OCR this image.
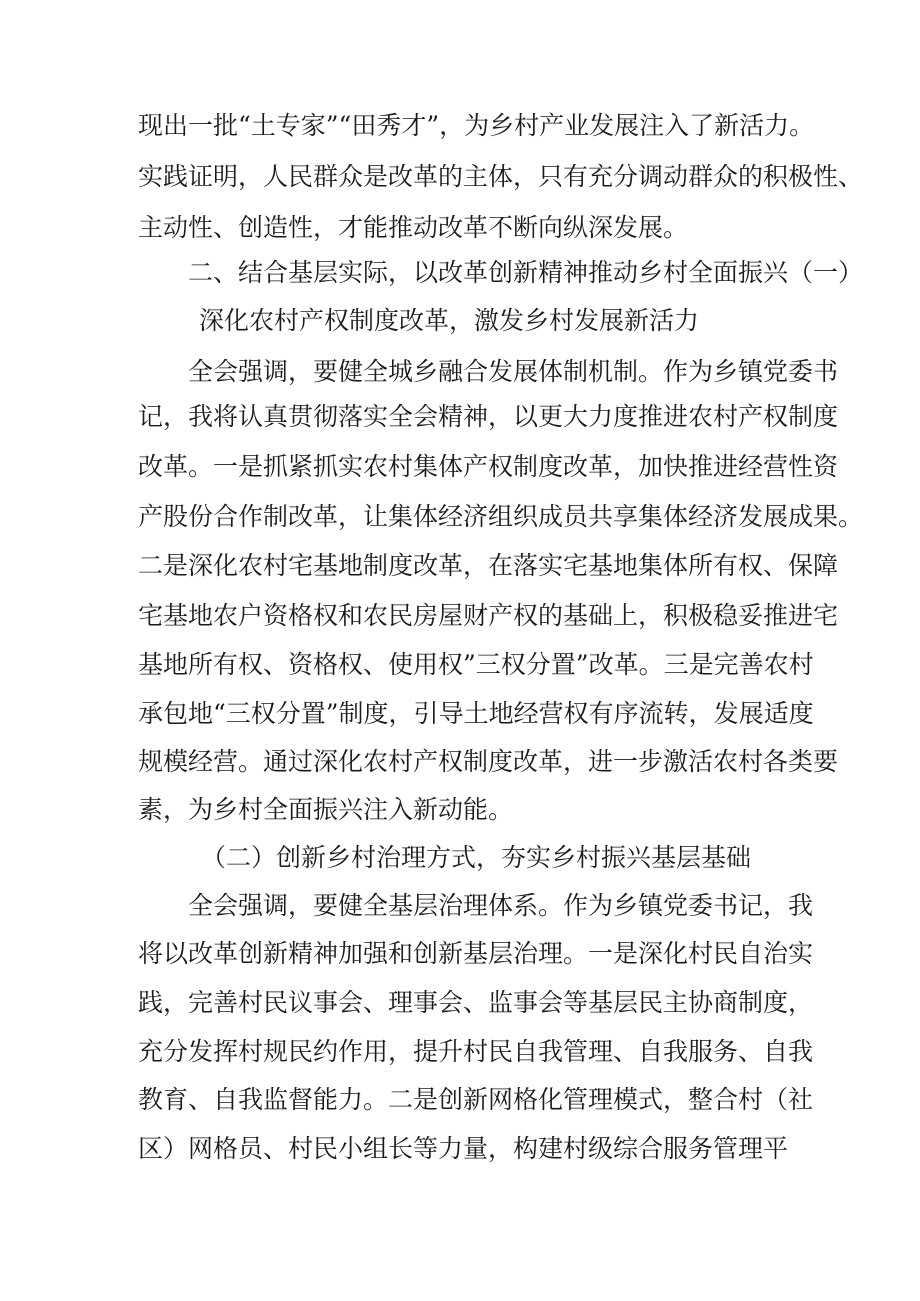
现出一批“土专家”“田秀才”，为乡村产业发展注入了新活力。
实践证明，人民群众是改革的主体，只有充分调动群众的积极性、
主动性、创造性，才能推动改革不断向纵深发展。
二、结合基层实际，以改革创新精神推动乡村全面振兴（一）
深化农村产权制度改革，激发乡村发展新活力
全会强调，要健全城乡融合发展体制机制。作为乡镇党委书
记，我将认真贯彻落实全会精神，以更大力度推进农村产权制度
改革。一是抓紧抓实农村集体产权制度改革，加快推进经营性资
产股份合作制改革，让集体经济组织成员共享集体经济发展成果。
二是深化农村宅基地制度改革，在落实宅基地集体所有权、保障
宅基地农户资格权和农民房屋财产权的基础上，积极稳妥推进宅
基地所有权、资格权、使用权”三权分置”改革。三是完善农村
承包地“三权分置”制度，引导土地经营权有序流转，发展适度
规模经营。通过深化农村产权制度改革，进一步激活农村各类要
素，为乡村全面振兴注入新动能。
（二）创新乡村治理方式，夯实乡村振兴基层基础
全会强调，要健全基层治理体系。作为乡镇党委书记，我
将以改革创新精神加强和创新基层治理。一是深化村民自治实
践，完善村民议事会、理事会、监事会等基层民主协商制度，
充分发挥村规民约作用，提升村民自我管理、自我服务、自我
教育、自我监督能力。二是创新网格化管理模式，整合村（社
区）网格员、村民小组长等力量，构建村级综合服务管理平
